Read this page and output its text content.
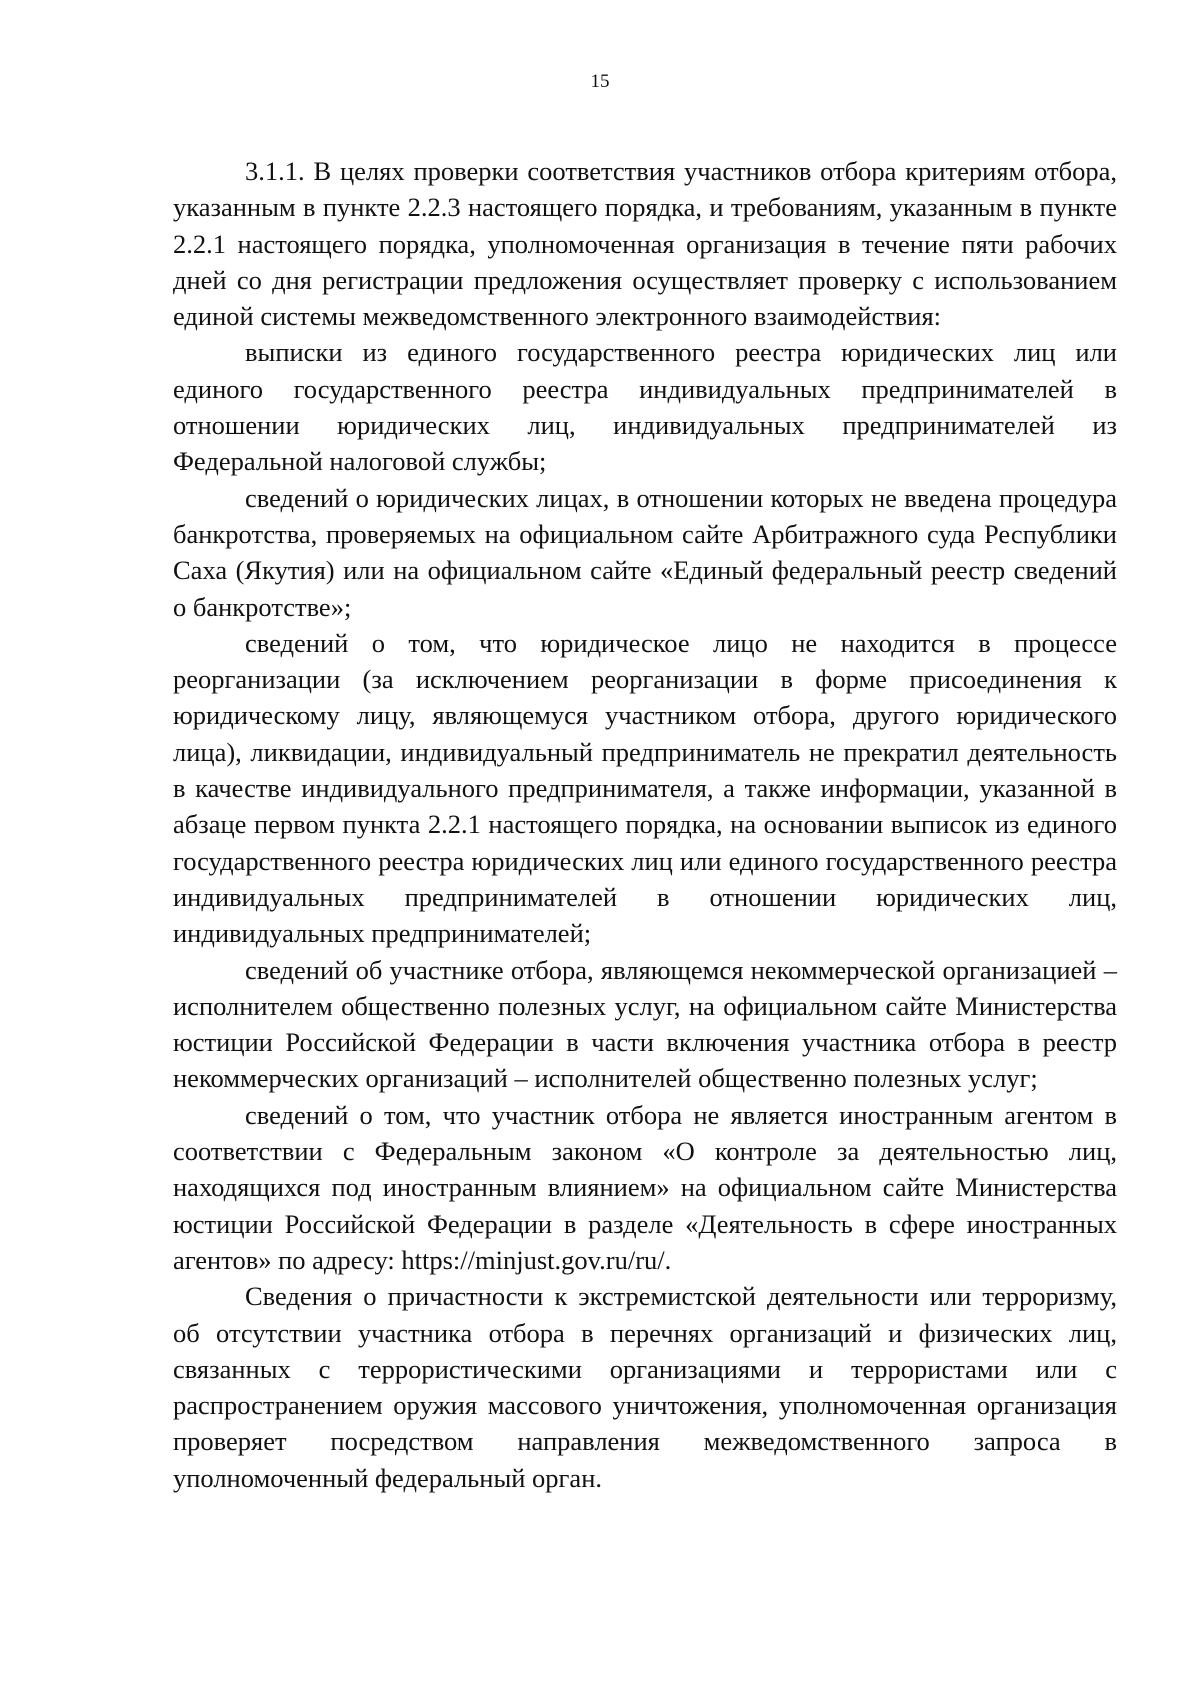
15

3.1.1. В целях проверки соответствия участников отбора критериям отбора, указанным в пункте 2.2.3 настоящего порядка, и требованиям, указанным в пункте 2.2.1 настоящего порядка, уполномоченная организация в течение пяти рабочих дней со дня регистрации предложения осуществляет проверку с использованием единой системы межведомственного электронного взаимодействия:

выписки из единого государственного реестра юридических лиц или единого государственного реестра индивидуальных предпринимателей в отношении юридических лиц, индивидуальных предпринимателей из Федеральной налоговой службы;

сведений о юридических лицах, в отношении которых не введена процедура банкротства, проверяемых на официальном сайте Арбитражного суда Республики Саха (Якутия) или на официальном сайте «Единый федеральный реестр сведений о банкротстве»;

сведений о том, что юридическое лицо не находится в процессе реорганизации (за исключением реорганизации в форме присоединения к юридическому лицу, являющемуся участником отбора, другого юридического лица), ликвидации, индивидуальный предприниматель не прекратил деятельность в качестве индивидуального предпринимателя, а также информации, указанной в абзаце первом пункта 2.2.1 настоящего порядка, на основании выписок из единого государственного реестра юридических лиц или единого государственного реестра индивидуальных предпринимателей в отношении юридических лиц, индивидуальных предпринимателей;

сведений об участнике отбора, являющемся некоммерческой организацией – исполнителем общественно полезных услуг, на официальном сайте Министерства юстиции Российской Федерации в части включения участника отбора в реестр некоммерческих организаций – исполнителей общественно полезных услуг;

сведений о том, что участник отбора не является иностранным агентом в соответствии с Федеральным законом «О контроле за деятельностью лиц, находящихся под иностранным влиянием» на официальном сайте Министерства юстиции Российской Федерации в разделе «Деятельность в сфере иностранных агентов» по адресу: https://minjust.gov.ru/ru/.

Сведения о причастности к экстремистской деятельности или терроризму, об отсутствии участника отбора в перечнях организаций и физических лиц, связанных с террористическими организациями и террористами или с распространением оружия массового уничтожения, уполномоченная организация проверяет посредством направления межведомственного запроса в уполномоченный федеральный орган.
